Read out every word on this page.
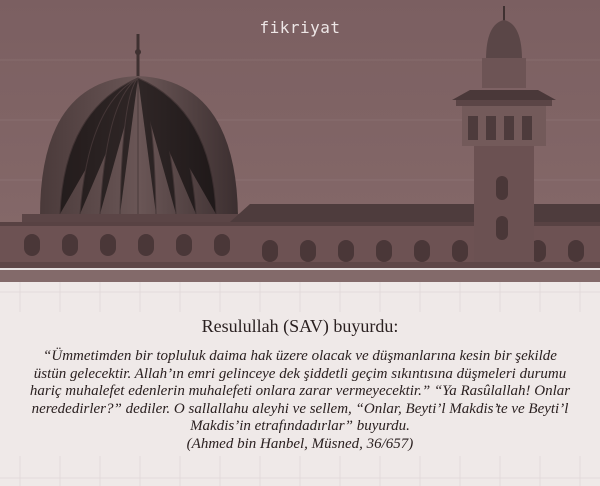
fikriyat
Resulullah (SAV) buyurdu:
“Ümmetimden bir topluluk daima hak üzere olacak ve düşmanlarına kesin bir şekilde üstün gelecektir. Allah’ın emri gelinceye dek şiddetli geçim sıkıntısına düşmeleri durumu hariç muhalefet edenlerin muhalefeti onlara zarar vermeyecektir.” “Ya Rasûlallah! Onlar nerededirler?” dediler. O sallallahu aleyhi ve sellem, “Onlar, Beyti’l Makdis’te ve Beyti’l Makdis’in etrafındadırlar” buyurdu.
(Ahmed bin Hanbel, Müsned, 36/657)
